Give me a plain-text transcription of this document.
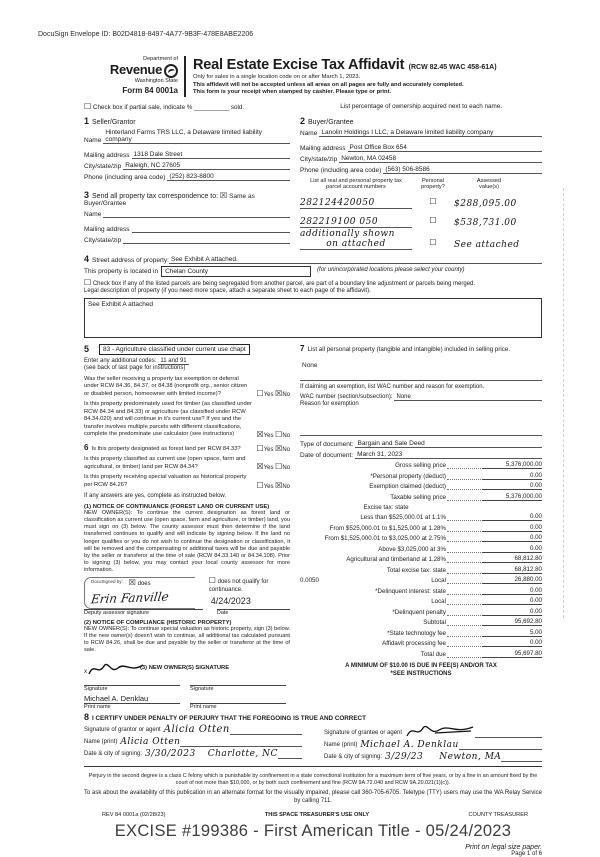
DocuSign Envelope ID: B02D4818-8497-4A77-9B3F-478E8ABE2206
Department of
Revenue
Washington State
Form 84 0001a
Real Estate Excise Tax Affidavit (RCW 82.45 WAC 458-61A)
Only for sales in a single location code on or after March 1, 2023.
This affidavit will not be accepted unless all areas on all pages are fully and accurately completed.
This form is your receipt when stamped by cashier. Please type or print.
☐ Check box if partial sale, indicate % __________ sold.	List percentage of ownership acquired next to each name.
1 Seller/Grantor
Name
Hinterland Farms TRS LLC, a Delaware limited liability company
Mailing address 1318 Dale Street
City/state/zip Raleigh, NC 27605
Phone (including area code) (252) 823-8800
3 Send all property tax correspondence to: ☒ Same as Buyer/Grantee
Name
Mailing address
City/state/zip
2 Buyer/Grantee
Name Lanolin Holdings I LLC, a Delaware limited liability company
Mailing address Post Office Box 654
City/state/zip Newton, MA 02458
Phone (including area code) (563) 506-8586
List all real and personal property tax
parcel account numbers
Personal
property?
Assessed
value(s)
282124420050	☐	$288,095.00
282219100 050	☐	$538,731.00
additionally shown
on attached	☐	See attached
4 Street address of property: See Exhibit A attached.
This property is located in	Chelan County	(for unincorporated locations please select your county)
☐ Check box if any of the listed parcels are being segregated from another parcel, are part of a boundary line adjustment or parcels being merged.
Legal description of property (if you need more space, attach a separate sheet to each page of the affidavit).
See Exhibit A attached
5	83 - Agriculture classified under current use chapt
Enter any additional codes: 11 and 91
(see back of last page for instructions)
Was the seller receiving a property tax exemption or deferral under RCW 84.36, 84.37, or 84.38 (nonprofit org., senior citizen or disabled person, homeowner with limited income)?	☐Yes ☒No
Is this property predominately used for timber (as classified under RCW 84.34 and 84.33) or agriculture (as classified under RCW 84.34.020) and will continue in it's current use? If yes and the transfer involves multiple parcels with different classifications, complete the predominate use calculator (see instructions)	☒Yes ☐No
6 Is this property designated as forest land per RCW 84.33?	☐Yes ☒No
Is this property classified as current use (open space, farm and agricultural, or timber) land per RCW 84.34?	☒Yes ☐No
Is this property receiving special valuation as historical property per RCW 84.26?	☐Yes ☒No
If any answers are yes, complete as instructed below.
(1) NOTICE OF CONTINUANCE (FOREST LAND OR CURRENT USE)
NEW OWNER(S): To continue the current designation as forest land or classification as current use (open space, farm and agriculture, or timber) land, you must sign on (3) below. The county assessor must then determine if the land transferred continues to qualify and will indicate by signing below. If the land no longer qualifies or you do not wish to continue the designation or classification, it will be removed and the compensating or additional taxes will be due and payable by the seller or transferor at the time of sale (RCW 84.33.140 or 84.34.108). Prior to signing (3) below, you may contact your local county assessor for more information.
DocuSigned by: ☒ does
Erin Fanville
☐ does not qualify for continuance.
4/24/2023
Deputy assessor signature	Date
(2) NOTICE OF COMPLIANCE (HISTORIC PROPERTY)
NEW OWNER(S): To continue special valuation as historic property, sign (3) below. If the new owner(s) doesn't wish to continue, all additional tax calculated pursuant to RCW 84.26, shall be due and payable by the seller or transferor at the time of sale.
(3) NEW OWNER(S) SIGNATURE
x
Signature	Signature
Michael A. Denklau
Print name	Print name
7 List all personal property (tangible and intangible) included in selling price.
None
If claiming an exemption, list WAC number and reason for exemption.
WAC number (section/subsection): None
Reason for exemption
Type of document: Bargain and Sale Deed
Date of document: March 31, 2023
Gross selling price	5,376,000.00
*Personal property (deduct)	0.00
Exemption claimed (deduct)	0.00
Taxable selling price	5,376,000.00
Excise tax: state
Less than $525,000.01 at 1.1%	0.00
From $525,000.01 to $1,525,000 at 1.28%	0.00
From $1,525,000.01 to $3,025,000 at 2.75%	0.00
Above $3,025,000 at 3%	0.00
Agricultural and timberland at 1.28%	68,812.80
Total excise tax: state	68,812.80
0.0050	Local	26,880.00
*Delinquent interest: state	0.00
Local	0.00
*Delinquent penalty	0.00
Subtotal	95,692.80
*State technology fee	5.00
Affidavit processing fee	0.00
Total due	95,697.80
A MINIMUM OF $10.00 IS DUE IN FEE(S) AND/OR TAX
*SEE INSTRUCTIONS
8 I CERTIFY UNDER PENALTY OF PERJURY THAT THE FOREGOING IS TRUE AND CORRECT
Signature of grantor or agent Alicia Otten
Name (print) Alicia Otten
Date & city of signing: 3/30/2023 Charlotte, NC
Signature of grantee or agent
Name (print) Michael A. Denklau
Date & city of signing: 3/29/23 Newton, MA
Perjury in the second degree is a class C felony which is punishable by confinement in a state correctional institution for a maximum term of five years, or by a fine in an amount fixed by the court of not more than $10,000, or by both such confinement and fine (RCW 9A.72.040 and RCW 9A.20.021(1)(c)).
To ask about the availability of this publication in an alternate format for the visually impaired, please call 360-705-6705. Teletype (TTY) users may use the WA Relay Service by calling 711.
REV 84 0001a (02/28/23)	THIS SPACE TREASURER'S USE ONLY	COUNTY TREASURER
EXCISE #199386 - First American Title - 05/24/2023
Print on legal size paper.
Page 1 of 6
